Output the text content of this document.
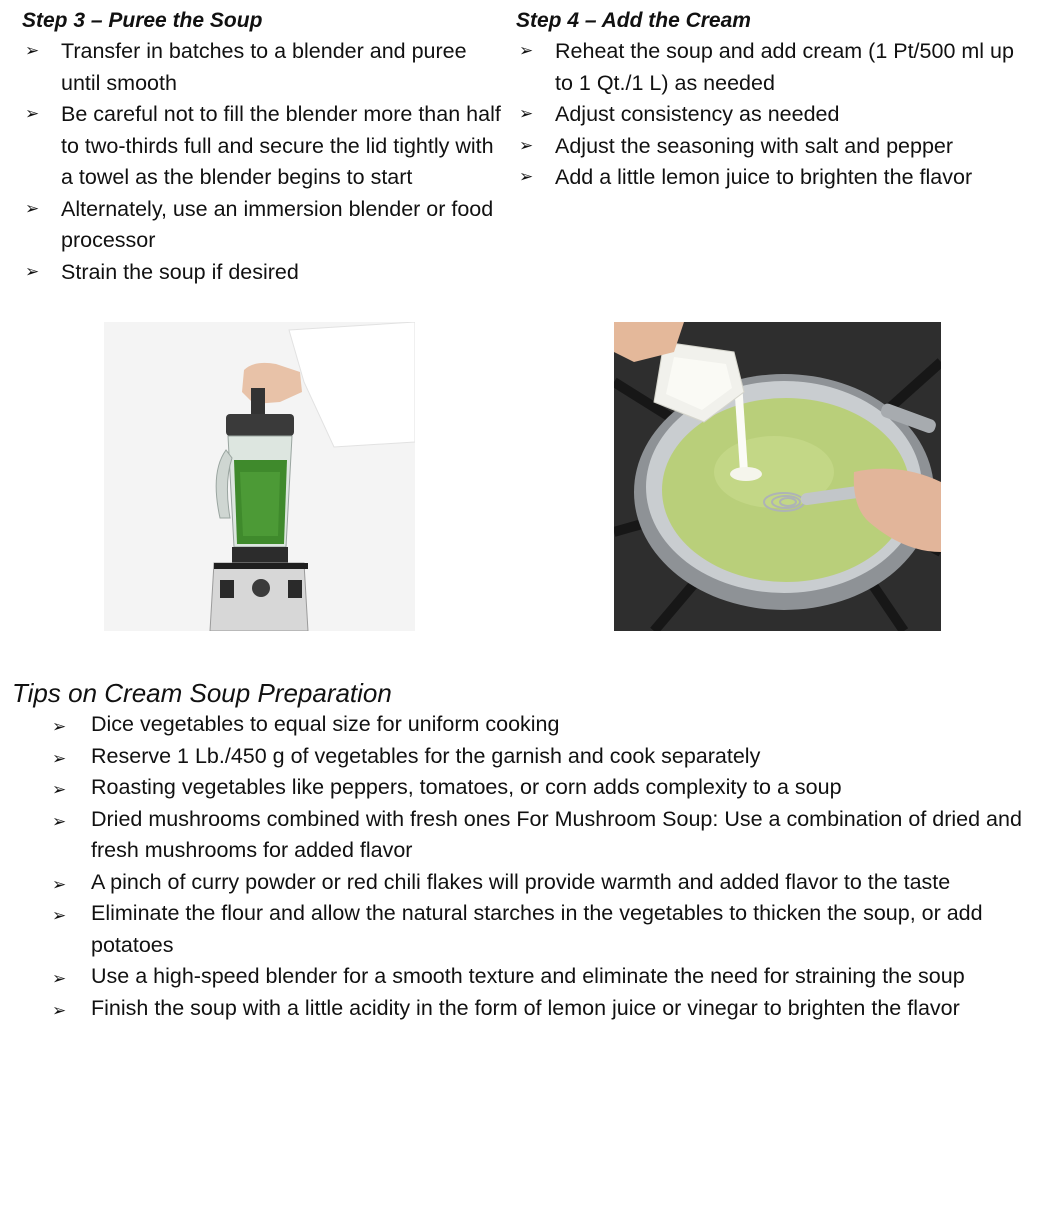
Step 3 – Puree the Soup
➢ Transfer in batches to a blender and puree until smooth
➢ Be careful not to fill the blender more than half to two-thirds full and secure the lid tightly with a towel as the blender begins to start
➢ Alternately, use an immersion blender or food processor
➢ Strain the soup if desired
Step 4 – Add the Cream
➢ Reheat the soup and add cream (1 Pt/500 ml up to 1 Qt./1 L) as needed
➢ Adjust consistency as needed
➢ Adjust the seasoning with salt and pepper
➢ Add a little lemon juice to brighten the flavor
Tips on Cream Soup Preparation
➢ Dice vegetables to equal size for uniform cooking
➢ Reserve 1 Lb./450 g of vegetables for the garnish and cook separately
➢ Roasting vegetables like peppers, tomatoes, or corn adds complexity to a soup
➢ Dried mushrooms combined with fresh ones For Mushroom Soup: Use a combination of dried and fresh mushrooms for added flavor
➢ A pinch of curry powder or red chili flakes will provide warmth and added flavor to the taste
➢ Eliminate the flour and allow the natural starches in the vegetables to thicken the soup, or add potatoes
➢ Use a high-speed blender for a smooth texture and eliminate the need for straining the soup
➢ Finish the soup with a little acidity in the form of lemon juice or vinegar to brighten the flavor
